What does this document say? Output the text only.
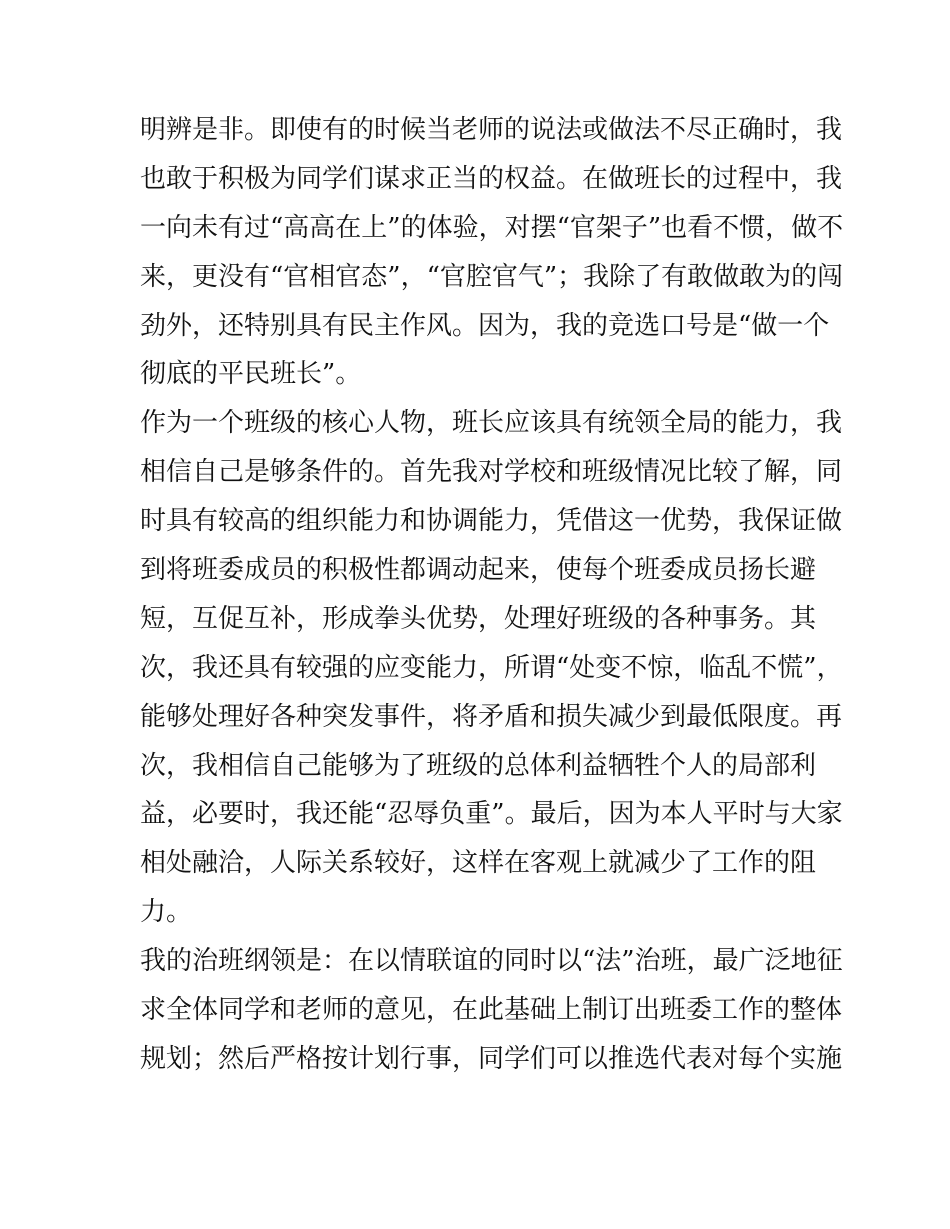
明辨是非。即使有的时候当老师的说法或做法不尽正确时，我
也敢于积极为同学们谋求正当的权益。在做班长的过程中，我
一向未有过“高高在上”的体验，对摆“官架子”也看不惯，做不
来，更没有“官相官态”，“官腔官气”；我除了有敢做敢为的闯
劲外，还特别具有民主作风。因为，我的竞选口号是“做一个
彻底的平民班长”。
作为一个班级的核心人物，班长应该具有统领全局的能力，我
相信自己是够条件的。首先我对学校和班级情况比较了解，同
时具有较高的组织能力和协调能力，凭借这一优势，我保证做
到将班委成员的积极性都调动起来，使每个班委成员扬长避
短，互促互补，形成拳头优势，处理好班级的各种事务。其
次，我还具有较强的应变能力，所谓“处变不惊，临乱不慌”，
能够处理好各种突发事件，将矛盾和损失减少到最低限度。再
次，我相信自己能够为了班级的总体利益牺牲个人的局部利
益，必要时，我还能“忍辱负重”。最后，因为本人平时与大家
相处融洽，人际关系较好，这样在客观上就减少了工作的阻
力。
我的治班纲领是：在以情联谊的同时以“法”治班，最广泛地征
求全体同学和老师的意见，在此基础上制订出班委工作的整体
规划；然后严格按计划行事，同学们可以推选代表对每个实施
